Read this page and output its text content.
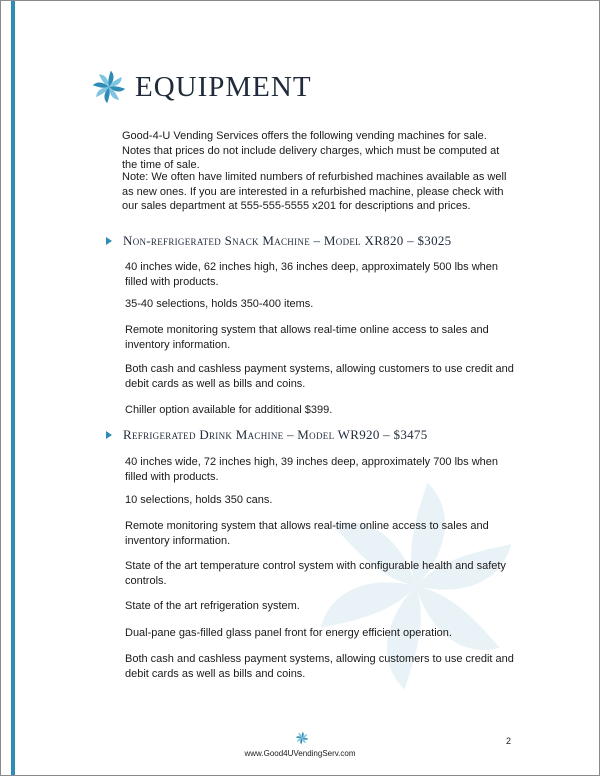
EQUIPMENT

Good-4-U Vending Services offers the following vending machines for sale. Notes that prices do not include delivery charges, which must be computed at the time of sale.

Note: We often have limited numbers of refurbished machines available as well as new ones. If you are interested in a refurbished machine, please check with our sales department at 555-555-5555 x201 for descriptions and prices.

Non-refrigerated Snack Machine – Model XR820 – $3025

40 inches wide, 62 inches high, 36 inches deep, approximately 500 lbs when filled with products.

35-40 selections, holds 350-400 items.

Remote monitoring system that allows real-time online access to sales and inventory information.

Both cash and cashless payment systems, allowing customers to use credit and debit cards as well as bills and coins.

Chiller option available for additional $399.

Refrigerated Drink Machine – Model WR920 – $3475

40 inches wide, 72 inches high, 39 inches deep, approximately 700 lbs when filled with products.

10 selections, holds 350 cans.

Remote monitoring system that allows real-time online access to sales and inventory information.

State of the art temperature control system with configurable health and safety controls.

State of the art refrigeration system.

Dual-pane gas-filled glass panel front for energy efficient operation.

Both cash and cashless payment systems, allowing customers to use credit and debit cards as well as bills and coins.

www.Good4UVendingServ.com
2
